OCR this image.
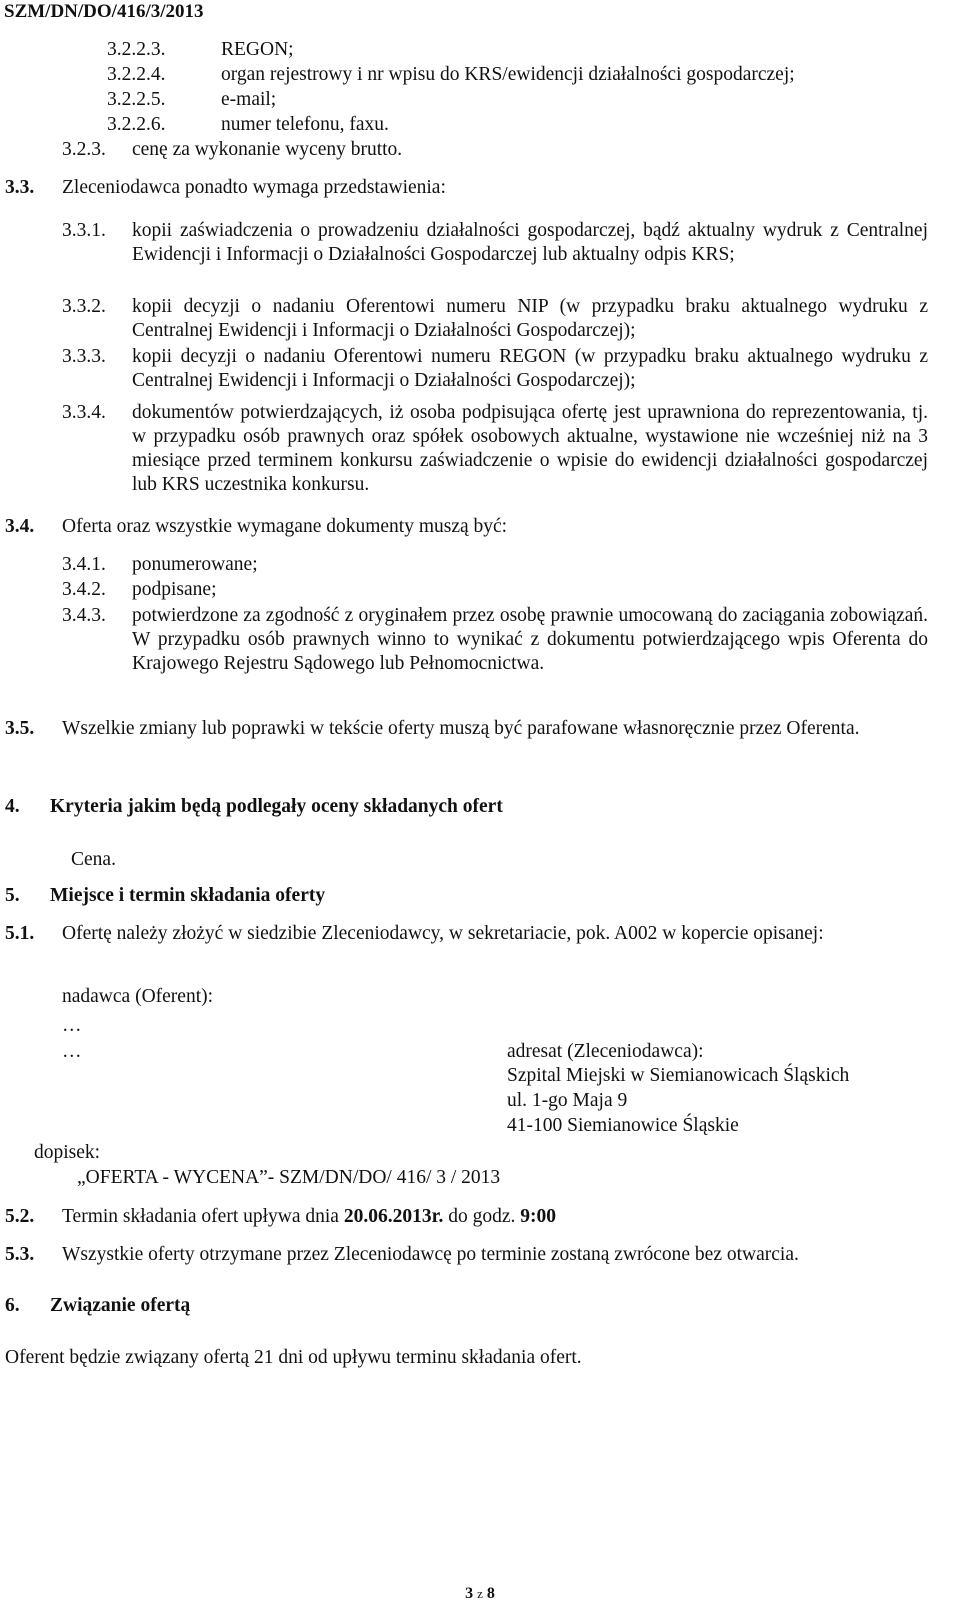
SZM/DN/DO/416/3/2013
3.2.2.3.	REGON;
3.2.2.4.	organ rejestrowy i nr wpisu do KRS/ewidencji działalności gospodarczej;
3.2.2.5.	e-mail;
3.2.2.6.	numer telefonu, faxu.
3.2.3. cenę za wykonanie wyceny brutto.
3.3. Zleceniodawca ponadto wymaga przedstawienia:
3.3.1. kopii zaświadczenia o prowadzeniu działalności gospodarczej, bądź aktualny wydruk z Centralnej Ewidencji i Informacji o Działalności Gospodarczej lub aktualny odpis KRS;
3.3.2. kopii decyzji o nadaniu Oferentowi numeru NIP (w przypadku braku aktualnego wydruku z Centralnej Ewidencji i Informacji o Działalności Gospodarczej);
3.3.3. kopii decyzji o nadaniu Oferentowi numeru REGON (w przypadku braku aktualnego wydruku z Centralnej Ewidencji i Informacji o Działalności Gospodarczej);
3.3.4. dokumentów potwierdzających, iż osoba podpisująca ofertę jest uprawniona do reprezentowania, tj. w przypadku osób prawnych oraz spółek osobowych aktualne, wystawione nie wcześniej niż na 3 miesiące przed terminem konkursu zaświadczenie o wpisie do ewidencji działalności gospodarczej lub KRS uczestnika konkursu.
3.4. Oferta oraz wszystkie wymagane dokumenty muszą być:
3.4.1. ponumerowane;
3.4.2. podpisane;
3.4.3. potwierdzone za zgodność z oryginałem przez osobę prawnie umocowaną do zaciągania zobowiązań. W przypadku osób prawnych winno to wynikać z dokumentu potwierdzającego wpis Oferenta do Krajowego Rejestru Sądowego lub Pełnomocnictwa.
3.5. Wszelkie zmiany lub poprawki w tekście oferty muszą być parafowane własnoręcznie przez Oferenta.
4. Kryteria jakim będą podlegały oceny składanych ofert
Cena.
5. Miejsce i termin składania oferty
5.1. Ofertę należy złożyć w siedzibie Zleceniodawcy, w sekretariacie, pok. A002 w kopercie opisanej:
nadawca (Oferent):
…
…	adresat (Zleceniodawca):
Szpital Miejski w Siemianowicach Śląskich
ul. 1-go Maja 9
41-100 Siemianowice Śląskie
dopisek:
„OFERTA - WYCENA”- SZM/DN/DO/ 416/ 3 / 2013
5.2. Termin składania ofert upływa dnia 20.06.2013r. do godz. 9:00
5.3. Wszystkie oferty otrzymane przez Zleceniodawcę po terminie zostaną zwrócone bez otwarcia.
6. Związanie ofertą
Oferent będzie związany ofertą 21 dni od upływu terminu składania ofert.
3 z 8
